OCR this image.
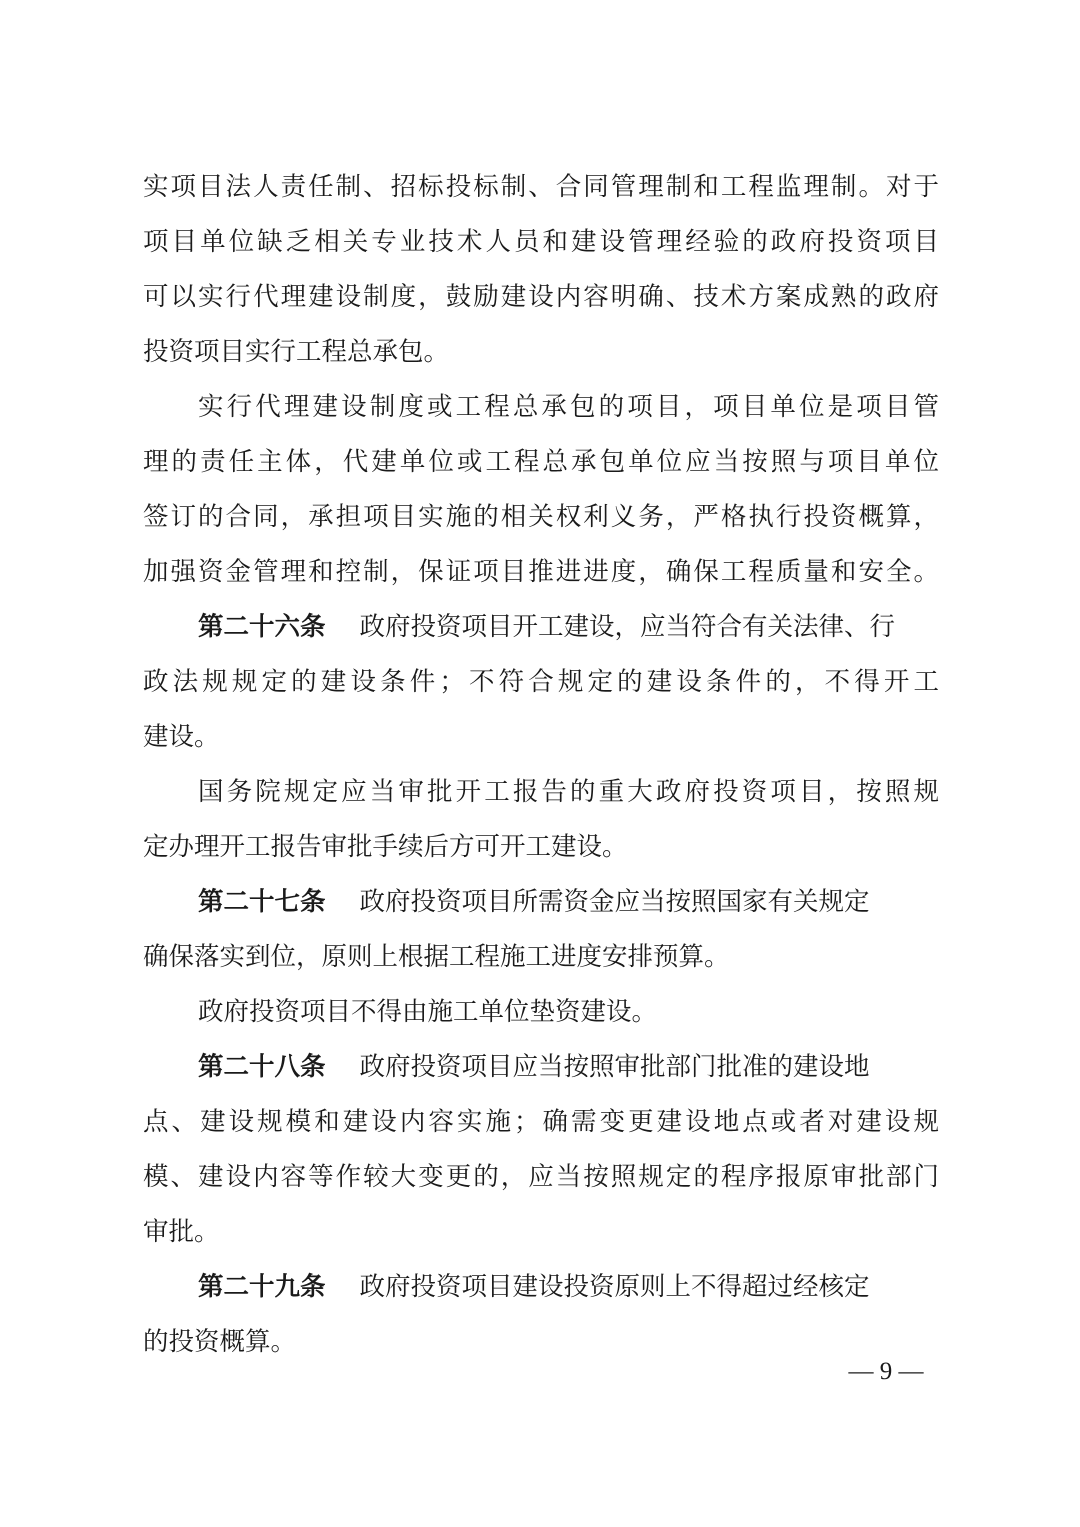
实项目法人责任制、招标投标制、合同管理制和工程监理制。对于
项目单位缺乏相关专业技术人员和建设管理经验的政府投资项目
可以实行代理建设制度，鼓励建设内容明确、技术方案成熟的政府
投资项目实行工程总承包。
实行代理建设制度或工程总承包的项目，项目单位是项目管
理的责任主体，代建单位或工程总承包单位应当按照与项目单位
签订的合同，承担项目实施的相关权利义务，严格执行投资概算，
加强资金管理和控制，保证项目推进进度，确保工程质量和安全。
第二十六条 政府投资项目开工建设，应当符合有关法律、行
政法规规定的建设条件；不符合规定的建设条件的，不得开工
建设。
国务院规定应当审批开工报告的重大政府投资项目，按照规
定办理开工报告审批手续后方可开工建设。
第二十七条 政府投资项目所需资金应当按照国家有关规定
确保落实到位，原则上根据工程施工进度安排预算。
政府投资项目不得由施工单位垫资建设。
第二十八条 政府投资项目应当按照审批部门批准的建设地
点、建设规模和建设内容实施；确需变更建设地点或者对建设规
模、建设内容等作较大变更的，应当按照规定的程序报原审批部门
审批。
第二十九条 政府投资项目建设投资原则上不得超过经核定
的投资概算。
— 9 —
